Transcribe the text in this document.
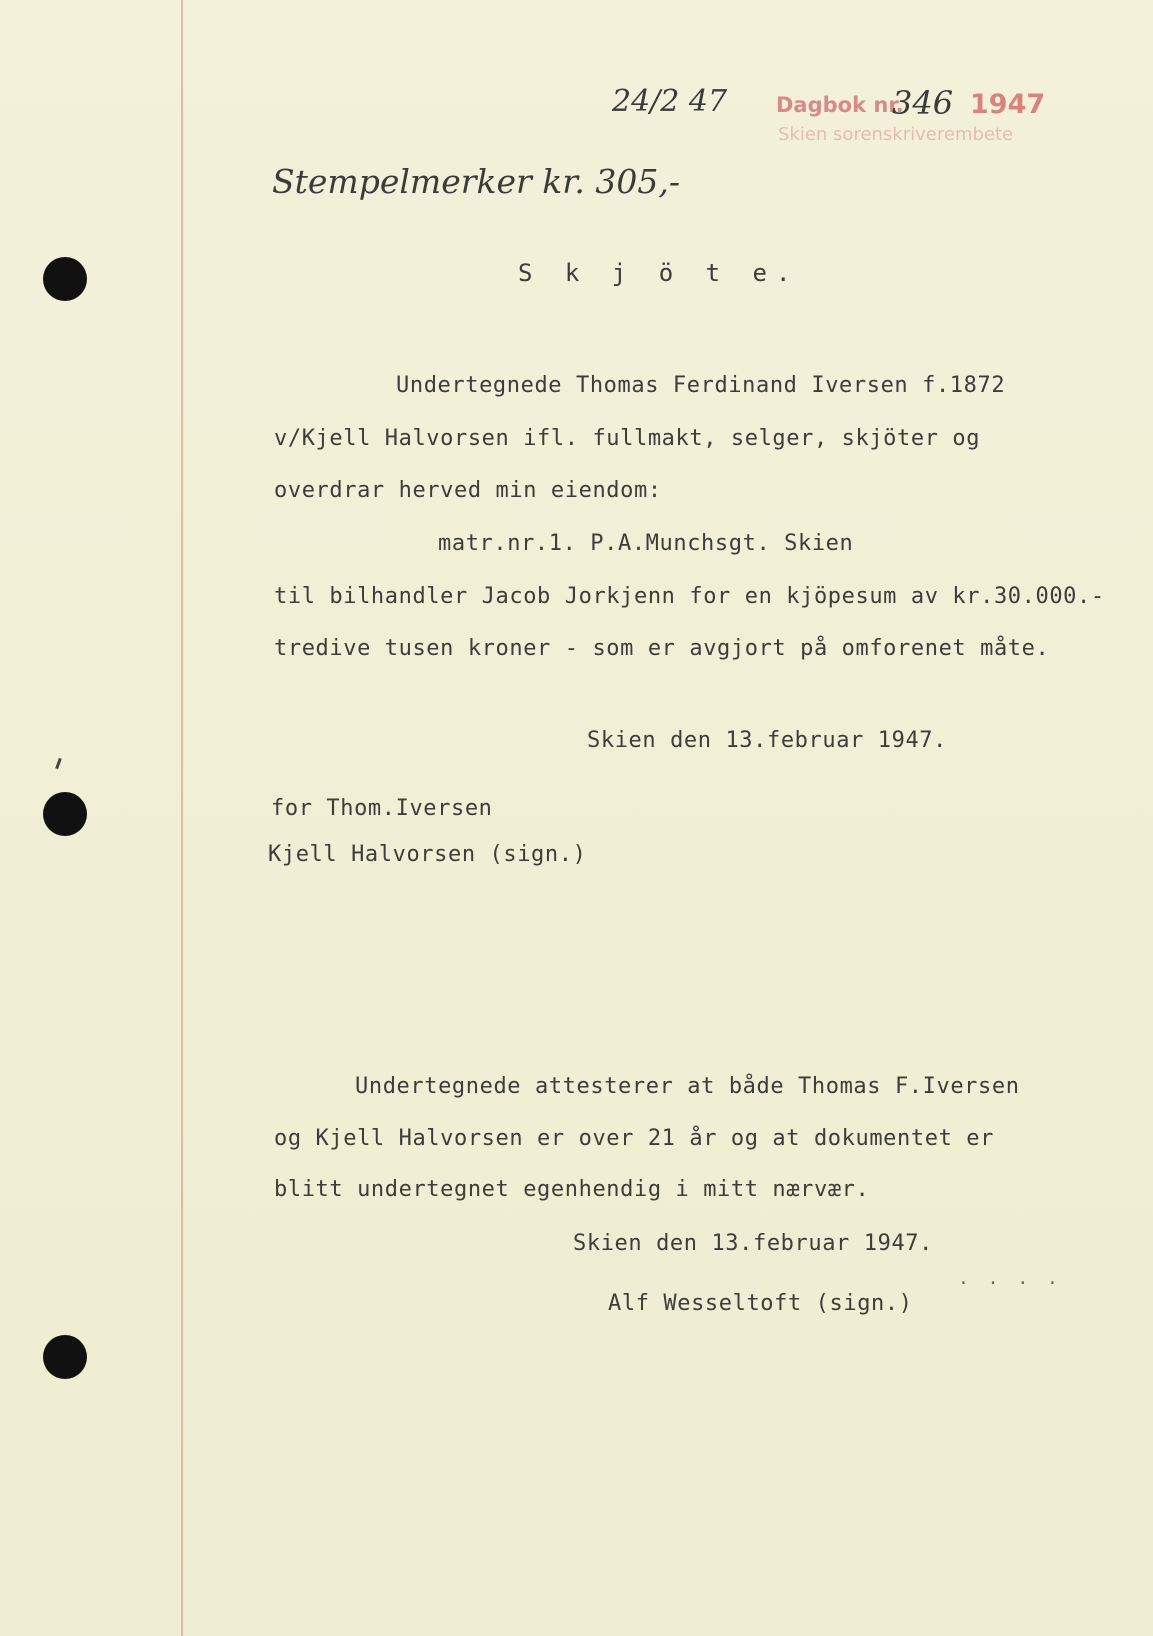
24/2 47 Dagbok nr.
346 1947
Skien sorenskriverembete
Stempelmerker kr. 305,-
S k j ö t e.
Undertegnede Thomas Ferdinand Iversen f.1872
v/Kjell Halvorsen ifl. fullmakt, selger, skjöter og
overdrar herved min eiendom:
matr.nr.1. P.A.Munchsgt. Skien
til bilhandler Jacob Jorkjenn for en kjöpesum av kr.30.000.-
tredive tusen kroner - som er avgjort på omforenet måte.
Skien den 13.februar 1947.
for Thom.Iversen
Kjell Halvorsen (sign.)
Undertegnede attesterer at både Thomas F.Iversen
og Kjell Halvorsen er over 21 år og at dokumentet er
blitt undertegnet egenhendig i mitt nærvær.
Skien den 13.februar 1947.
. . . .
Alf Wesseltoft (sign.)
